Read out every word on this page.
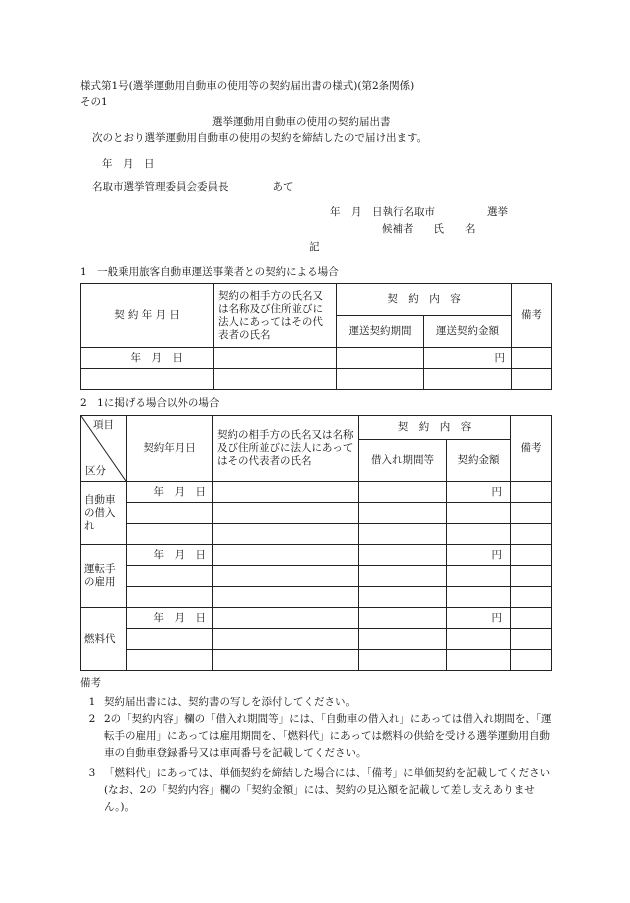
様式第1号(選挙運動用自動車の使用等の契約届出書の様式)(第2条関係)
その1
選挙運動用自動車の使用の契約届出書
次のとおり選挙運動用自動車の使用の契約を締結したので届け出ます。
年　月　日
名取市選挙管理委員会委員長	あて
年　月　日執行名取市	選挙
候補者 氏　　名
記
1　一般乗用旅客自動車運送事業者との契約による場合
契 約 年 月 日	契約の相手方の氏名又は名称及び住所並びに法人にあってはその代表者の氏名	契　約　内　容		備考
		運送契約期間	運送契約金額	
年　月　日			円	

2　1に掲げる場合以外の場合
項目
区分	契約年月日	契約の相手方の氏名又は名称及び住所並びに法人にあってはその代表者の氏名	契　約　内　容		備考
			借入れ期間等	契約金額	
自動車の借入れ	年　月　日			円	

運転手の雇用	年　月　日			円	

燃料代	年　月　日			円	

備考
1 契約届出書には、契約書の写しを添付してください。
2 2の「契約内容」欄の「借入れ期間等」には、「自動車の借入れ」にあっては借入れ期間を、「運転手の雇用」にあっては雇用期間を、「燃料代」にあっては燃料の供給を受ける選挙運動用自動車の自動車登録番号又は車両番号を記載してください。
3 「燃料代」にあっては、単価契約を締結した場合には、「備考」に単価契約を記載してください(なお、2の「契約内容」欄の「契約金額」には、契約の見込額を記載して差し支えありません。)。
